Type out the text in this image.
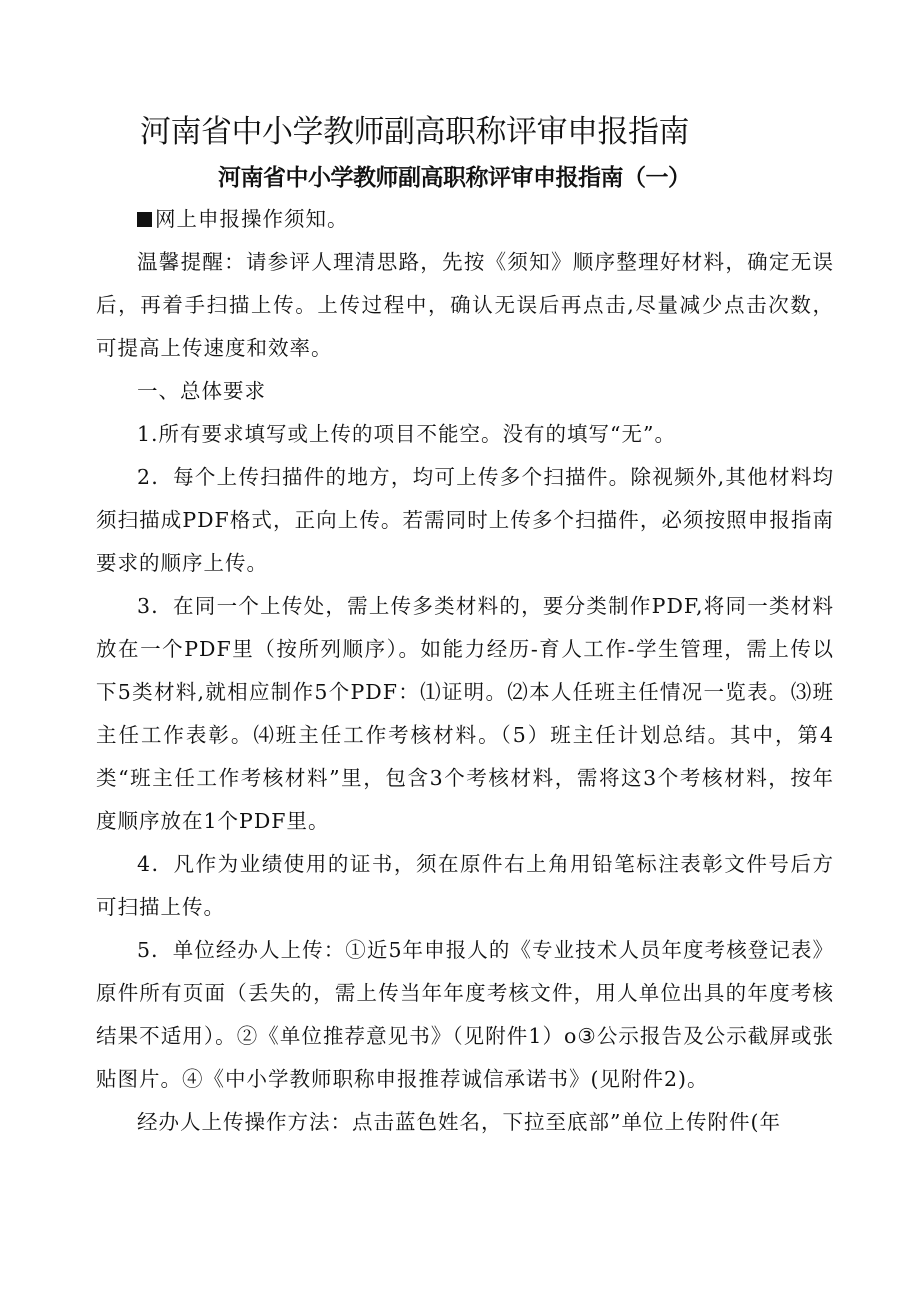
河南省中小学教师副高职称评审申报指南
河南省中小学教师副高职称评审申报指南（一）

网上申报操作须知。

温馨提醒：请参评人理清思路，先按《须知》顺序整理好材料，确定无误后，再着手扫描上传。上传过程中，确认无误后再点击,尽量减少点击次数，可提高上传速度和效率。

一、总体要求

1.所有要求填写或上传的项目不能空。没有的填写“无”。

2．每个上传扫描件的地方，均可上传多个扫描件。除视频外,其他材料均须扫描成PDF格式，正向上传。若需同时上传多个扫描件，必须按照申报指南要求的顺序上传。

3．在同一个上传处，需上传多类材料的，要分类制作PDF,将同一类材料放在一个PDF里（按所列顺序）。如能力经历-育人工作-学生管理，需上传以下5类材料,就相应制作5个PDF：⑴证明。⑵本人任班主任情况一览表。⑶班主任工作表彰。⑷班主任工作考核材料。（5）班主任计划总结。其中，第4类“班主任工作考核材料”里，包含3个考核材料，需将这3个考核材料，按年度顺序放在1个PDF里。

4．凡作为业绩使用的证书，须在原件右上角用铅笔标注表彰文件号后方可扫描上传。

5．单位经办人上传：①近5年申报人的《专业技术人员年度考核登记表》原件所有页面（丢失的，需上传当年年度考核文件，用人单位出具的年度考核结果不适用）。②《单位推荐意见书》（见附件1）o③公示报告及公示截屏或张贴图片。④《中小学教师职称申报推荐诚信承诺书》(见附件2)。

经办人上传操作方法：点击蓝色姓名，下拉至底部”单位上传附件(年
